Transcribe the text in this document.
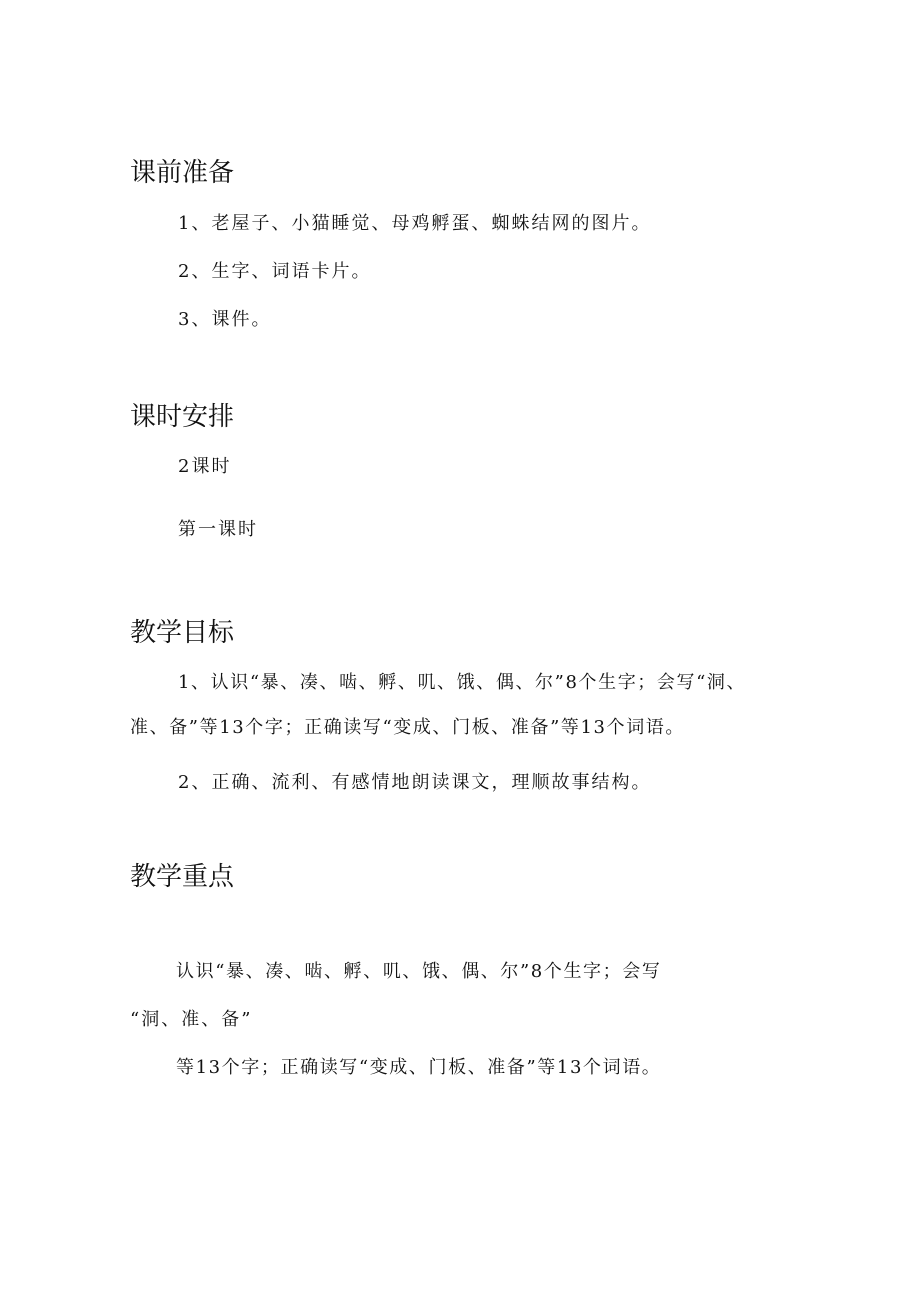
课前准备

1、老屋子、小猫睡觉、母鸡孵蛋、蜘蛛结网的图片。

2、生字、词语卡片。

3、课件。

课时安排

2课时

第一课时

教学目标

1、认识“暴、凑、啮、孵、叽、饿、偶、尔”8个生字；会写“洞、

准、备”等13个字；正确读写“变成、门板、准备”等13个词语。

2、正确、流利、有感情地朗读课文，理顺故事结构。

教学重点

认识“暴、凑、啮、孵、叽、饿、偶、尔”8个生字；会写

“洞、准、备”

等13个字；正确读写“变成、门板、准备”等13个词语。
